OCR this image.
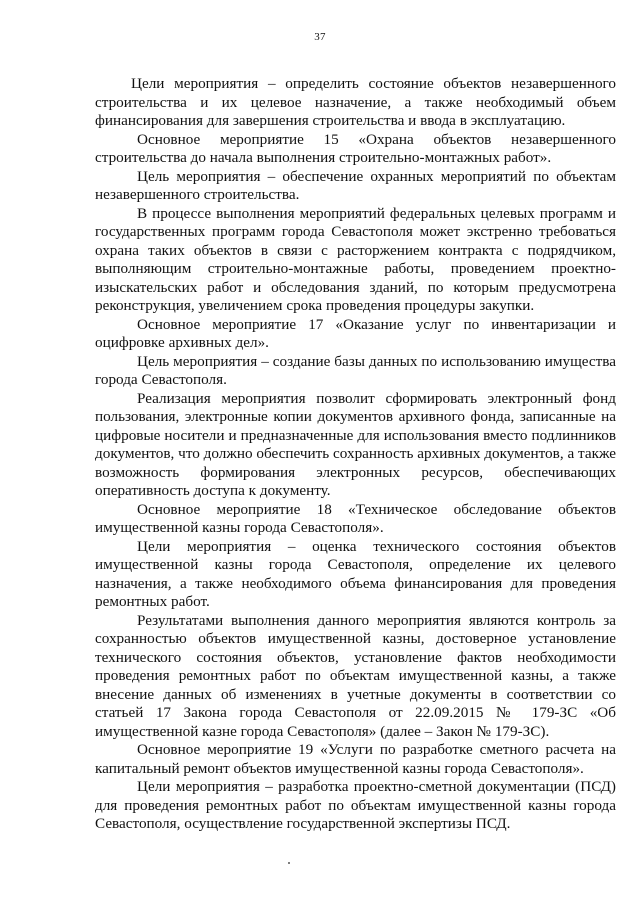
37

Цели мероприятия – определить состояние объектов незавершенного строительства и их целевое назначение, а также необходимый объем финансирования для завершения строительства и ввода в эксплуатацию.

Основное мероприятие 15 «Охрана объектов незавершенного строительства до начала выполнения строительно-монтажных работ».

Цель мероприятия – обеспечение охранных мероприятий по объектам незавершенного строительства.

В процессе выполнения мероприятий федеральных целевых программ и государственных программ города Севастополя может экстренно требоваться охрана таких объектов в связи с расторжением контракта с подрядчиком, выполняющим строительно-монтажные работы, проведением проектно-изыскательских работ и обследования зданий, по которым предусмотрена реконструкция, увеличением срока проведения процедуры закупки.

Основное мероприятие 17 «Оказание услуг по инвентаризации и оцифровке архивных дел».

Цель мероприятия – создание базы данных по использованию имущества города Севастополя.

Реализация мероприятия позволит сформировать электронный фонд пользования, электронные копии документов архивного фонда, записанные на цифровые носители и предназначенные для использования вместо подлинников документов, что должно обеспечить сохранность архивных документов, а также возможность формирования электронных ресурсов, обеспечивающих оперативность доступа к документу.

Основное мероприятие 18 «Техническое обследование объектов имущественной казны города Севастополя».

Цели мероприятия – оценка технического состояния объектов имущественной казны города Севастополя, определение их целевого назначения, а также необходимого объема финансирования для проведения ремонтных работ.

Результатами выполнения данного мероприятия являются контроль за сохранностью объектов имущественной казны, достоверное установление технического состояния объектов, установление фактов необходимости проведения ремонтных работ по объектам имущественной казны, а также внесение данных об изменениях в учетные документы в соответствии со статьей 17 Закона города Севастополя от 22.09.2015 № 179-ЗС «Об имущественной казне города Севастополя» (далее – Закон № 179-ЗС).

Основное мероприятие 19 «Услуги по разработке сметного расчета на капитальный ремонт объектов имущественной казны города Севастополя».

Цели мероприятия – разработка проектно-сметной документации (ПСД) для проведения ремонтных работ по объектам имущественной казны города Севастополя, осуществление государственной экспертизы ПСД.
